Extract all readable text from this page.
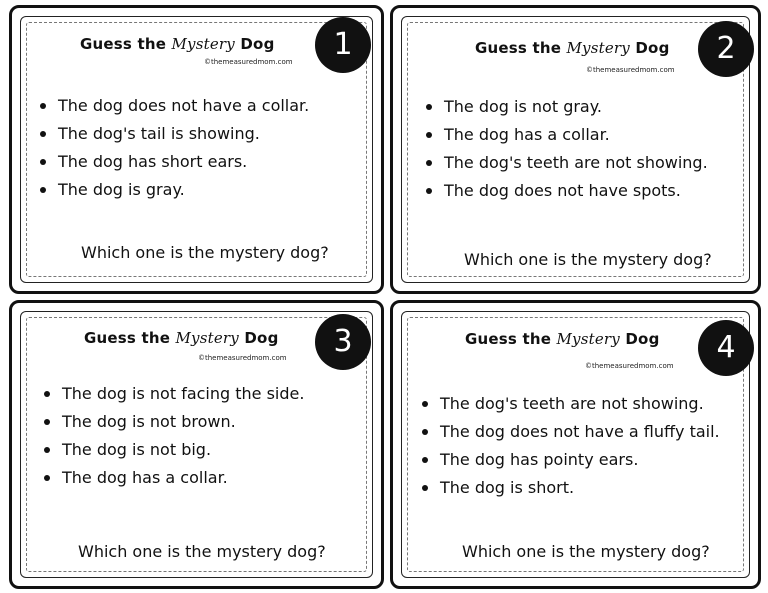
Guess the Mystery Dog
©themeasuredmom.com	1
The dog does not have a collar.
The dog's tail is showing.
The dog has short ears.
The dog is gray.
Which one is the mystery dog?
Guess the Mystery Dog
©themeasuredmom.com
2
The dog is not gray.
The dog has a collar.
The dog's teeth are not showing.
The dog does not have spots.
Which one is the mystery dog?
Guess the Mystery Dog
©themeasuredmom.com	3
The dog is not facing the side.
The dog is not brown.
The dog is not big.
The dog has a collar.
Which one is the mystery dog?
Guess the Mystery Dog
©themeasuredmom.com
4
The dog's teeth are not showing.
The dog does not have a fluffy tail.
The dog has pointy ears.
The dog is short.
Which one is the mystery dog?
